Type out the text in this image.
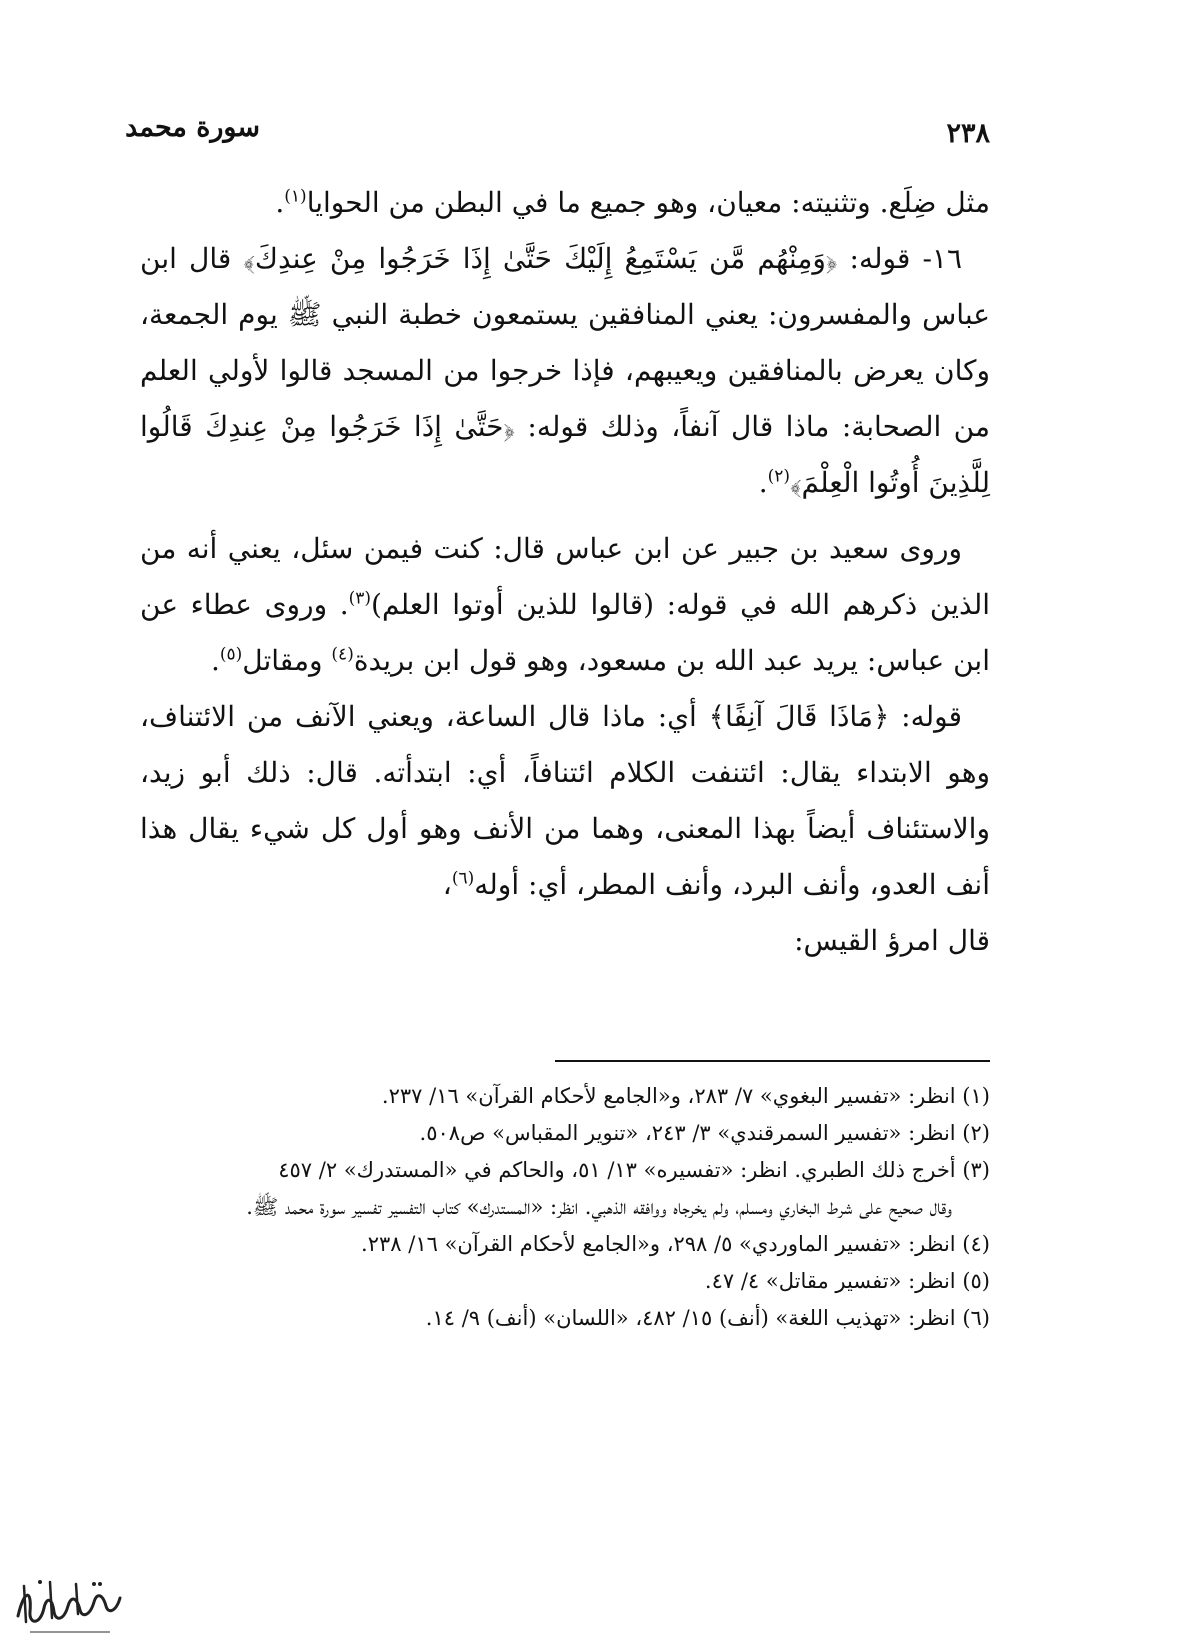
سورة محمد	٢٣٨

مثل ضِلَع. وتثنيته: معيان، وهو جميع ما في البطن من الحوايا$^{(١)}$.

١٦- قوله: ﴿وَمِنْهُم مَّن يَسْتَمِعُ إِلَيْكَ حَتَّىٰ إِذَا خَرَجُوا مِنْ عِندِكَ﴾ قال ابن عباس والمفسرون: يعني المنافقين يستمعون خطبة النبي ﷺ يوم الجمعة، وكان يعرض بالمنافقين ويعيبهم، فإذا خرجوا من المسجد قالوا لأولي العلم من الصحابة: ماذا قال آنفاً، وذلك قوله: ﴿حَتَّىٰ إِذَا خَرَجُوا مِنْ عِندِكَ قَالُوا لِلَّذِينَ أُوتُوا الْعِلْمَ﴾$^{(٢)}$.

وروى سعيد بن جبير عن ابن عباس قال: كنت فيمن سئل، يعني أنه من الذين ذكرهم الله في قوله: (قالوا للذين أوتوا العلم)$^{(٣)}$. وروى عطاء عن ابن عباس: يريد عبد الله بن مسعود، وهو قول ابن بريدة$^{(٤)}$ ومقاتل$^{(٥)}$.

قوله: ﴿مَاذَا قَالَ آنِفًا﴾ أي: ماذا قال الساعة، ويعني الآنف من الائتناف، وهو الابتداء يقال: ائتنفت الكلام ائتنافاً، أي: ابتدأته. قال: ذلك أبو زيد، والاستئناف أيضاً بهذا المعنى، وهما من الأنف وهو أول كل شيء يقال هذا أنف العدو، وأنف البرد، وأنف المطر، أي: أوله$^{(٦)}$،

قال امرؤ القيس:

(١) انظر: «تفسير البغوي» ٧/ ٢٨٣، و«الجامع لأحكام القرآن» ١٦/ ٢٣٧.

(٢) انظر: «تفسير السمرقندي» ٣/ ٢٤٣، «تنوير المقباس» ص٥٠٨.

(٣) أخرج ذلك الطبري. انظر: «تفسيره» ١٣/ ٥١، والحاكم في «المستدرك» ٢/ ٤٥٧

وقال صحيح على شرط البخاري ومسلم، ولم يخرجاه ووافقه الذهبي. انظر: «المستدرك» كتاب التفسير تفسير سورة محمد ﷺ.

(٤) انظر: «تفسير الماوردي» ٥/ ٢٩٨، و«الجامع لأحكام القرآن» ١٦/ ٢٣٨.

(٥) انظر: «تفسير مقاتل» ٤/ ٤٧.

(٦) انظر: «تهذيب اللغة» (أنف) ١٥/ ٤٨٢، «اللسان» (أنف) ٩/ ١٤.
